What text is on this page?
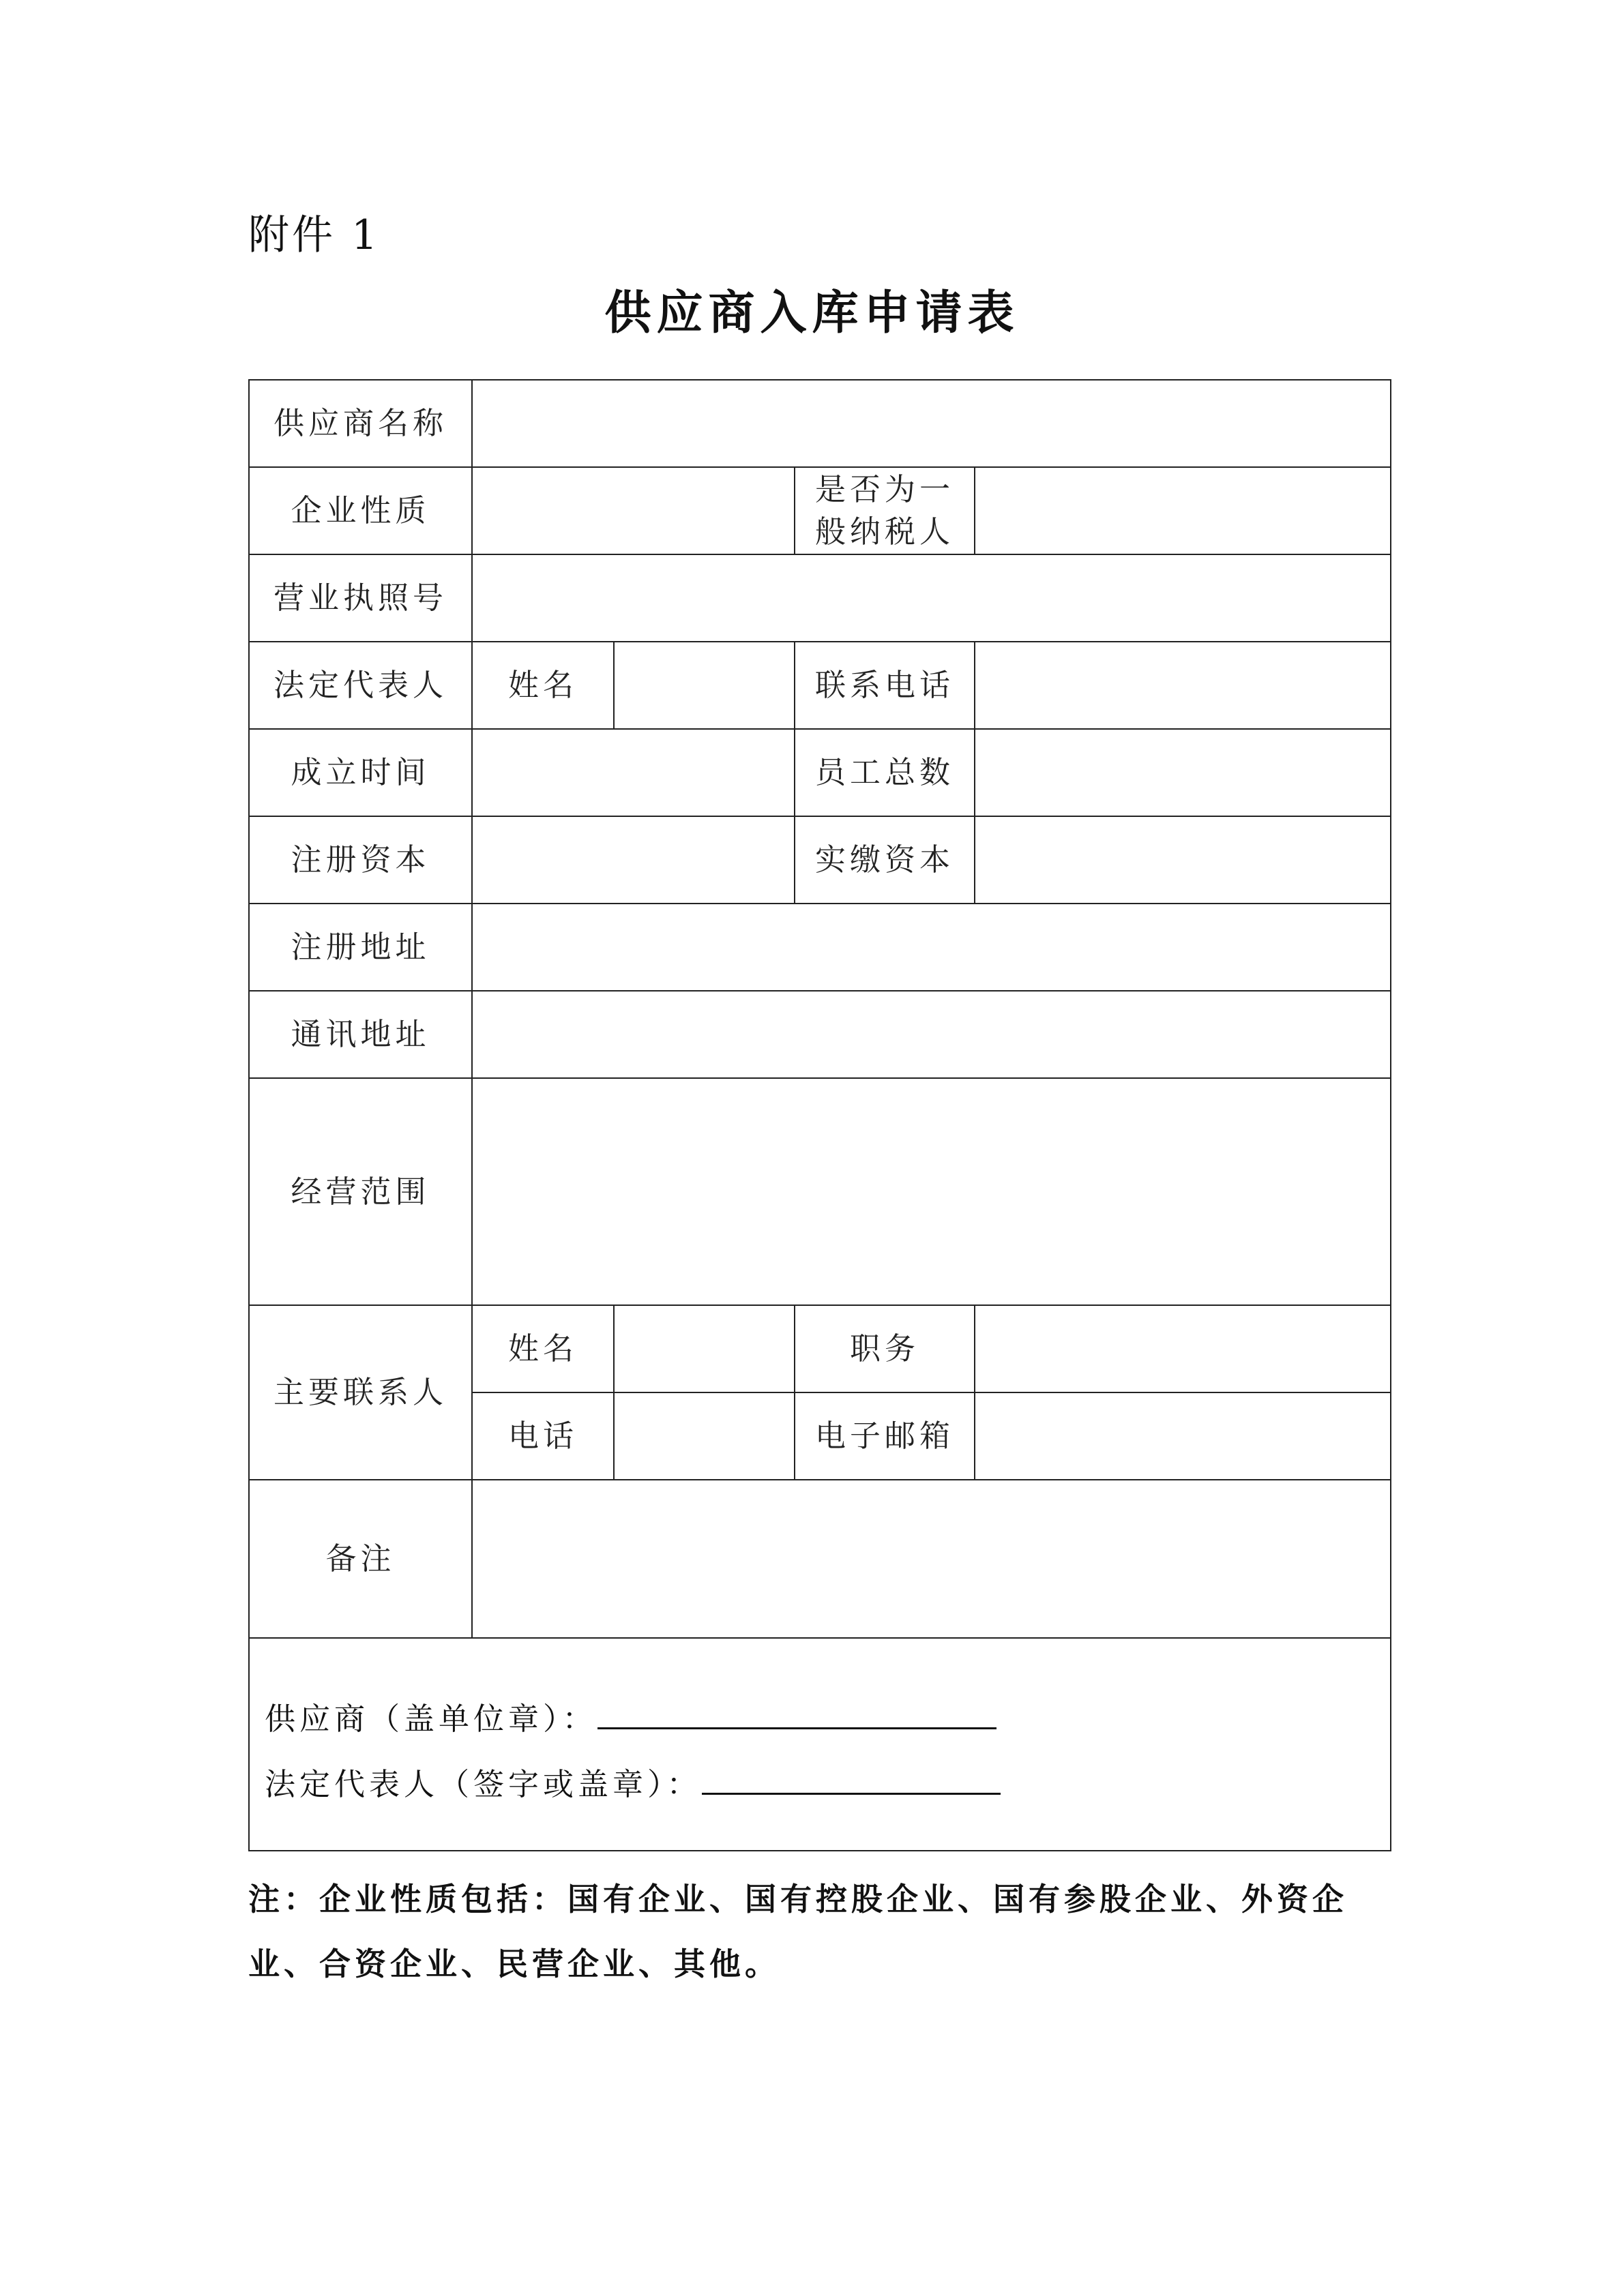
附件 1
供应商入库申请表
供应商名称				
企业性质			是否为一般纳税人	
营业执照号				
法定代表人	姓名		联系电话	
成立时间			员工总数	
注册资本			实缴资本	
注册地址				
通讯地址				
经营范围				
主要联系人	姓名		职务	
	电话		电子邮箱	
备注				

供应商（盖单位章）：
法定代表人（签字或盖章）：				
注：企业性质包括：国有企业、国有控股企业、国有参股企业、外资企业、合资企业、民营企业、其他。
